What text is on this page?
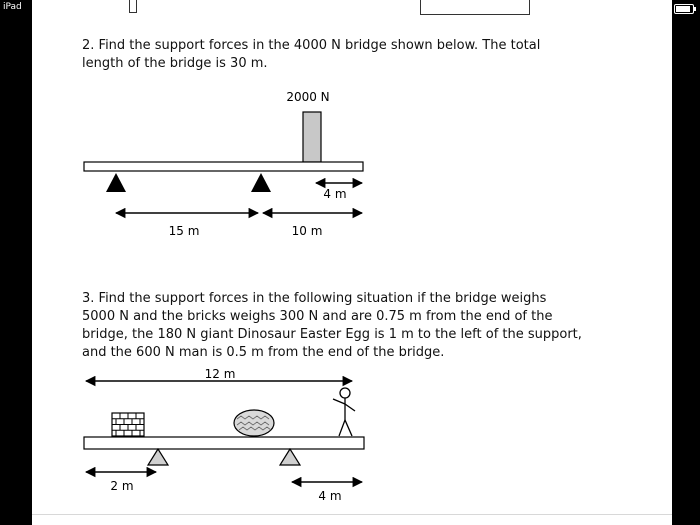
iPad
2. Find the support forces in the 4000 N bridge shown below. The total
length of the bridge is 30 m.
2000 N
4 m
15 m	10 m
12 m
2 m
4 m
3. Find the support forces in the following situation if the bridge weighs
5000 N and the bricks weighs 300 N and are 0.75 m from the end of the
bridge, the 180 N giant Dinosaur Easter Egg is 1 m to the left of the support,
and the 600 N man is 0.5 m from the end of the bridge.
